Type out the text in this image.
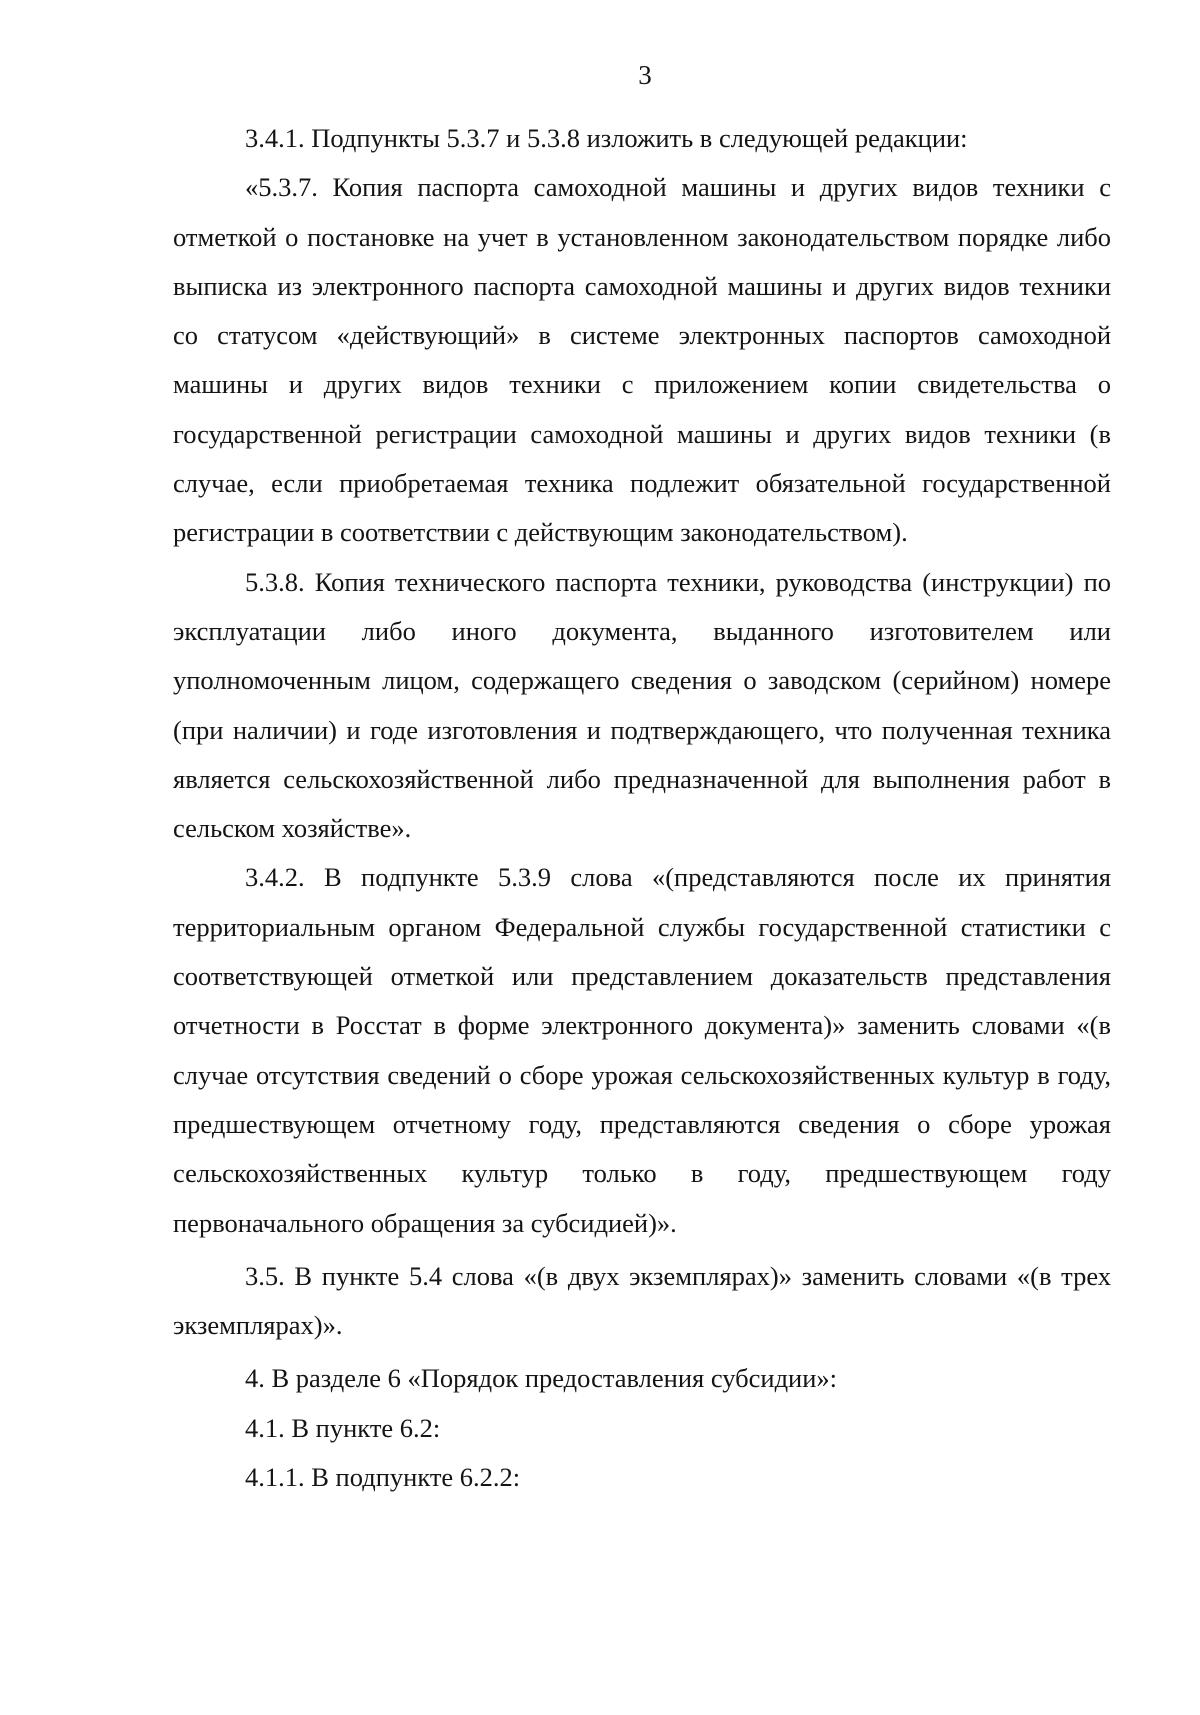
3

3.4.1. Подпункты 5.3.7 и 5.3.8 изложить в следующей редакции:

«5.3.7. Копия паспорта самоходной машины и других видов техники с отметкой о постановке на учет в установленном законодательством порядке либо выписка из электронного паспорта самоходной машины и других видов техники со статусом «действующий» в системе электронных паспортов самоходной машины и других видов техники с приложением копии свидетельства о государственной регистрации самоходной машины и других видов техники (в случае, если приобретаемая техника подлежит обязательной государственной регистрации в соответствии с действующим законодательством).

5.3.8. Копия технического паспорта техники, руководства (инструкции) по эксплуатации либо иного документа, выданного изготовителем или уполномоченным лицом, содержащего сведения о заводском (серийном) номере (при наличии) и годе изготовления и подтверждающего, что полученная техника является сельскохозяйственной либо предназначенной для выполнения работ в сельском хозяйстве».

3.4.2. В подпункте 5.3.9 слова «(представляются после их принятия территориальным органом Федеральной службы государственной статистики с соответствующей отметкой или представлением доказательств представления отчетности в Росстат в форме электронного документа)» заменить словами «(в случае отсутствия сведений о сборе урожая сельскохозяйственных культур в году, предшествующем отчетному году, представляются сведения о сборе урожая сельскохозяйственных культур только в году, предшествующем году первоначального обращения за субсидией)».

3.5. В пункте 5.4 слова «(в двух экземплярах)» заменить словами «(в трех экземплярах)».

4. В разделе 6 «Порядок предоставления субсидии»:

4.1. В пункте 6.2:

4.1.1. В подпункте 6.2.2:
